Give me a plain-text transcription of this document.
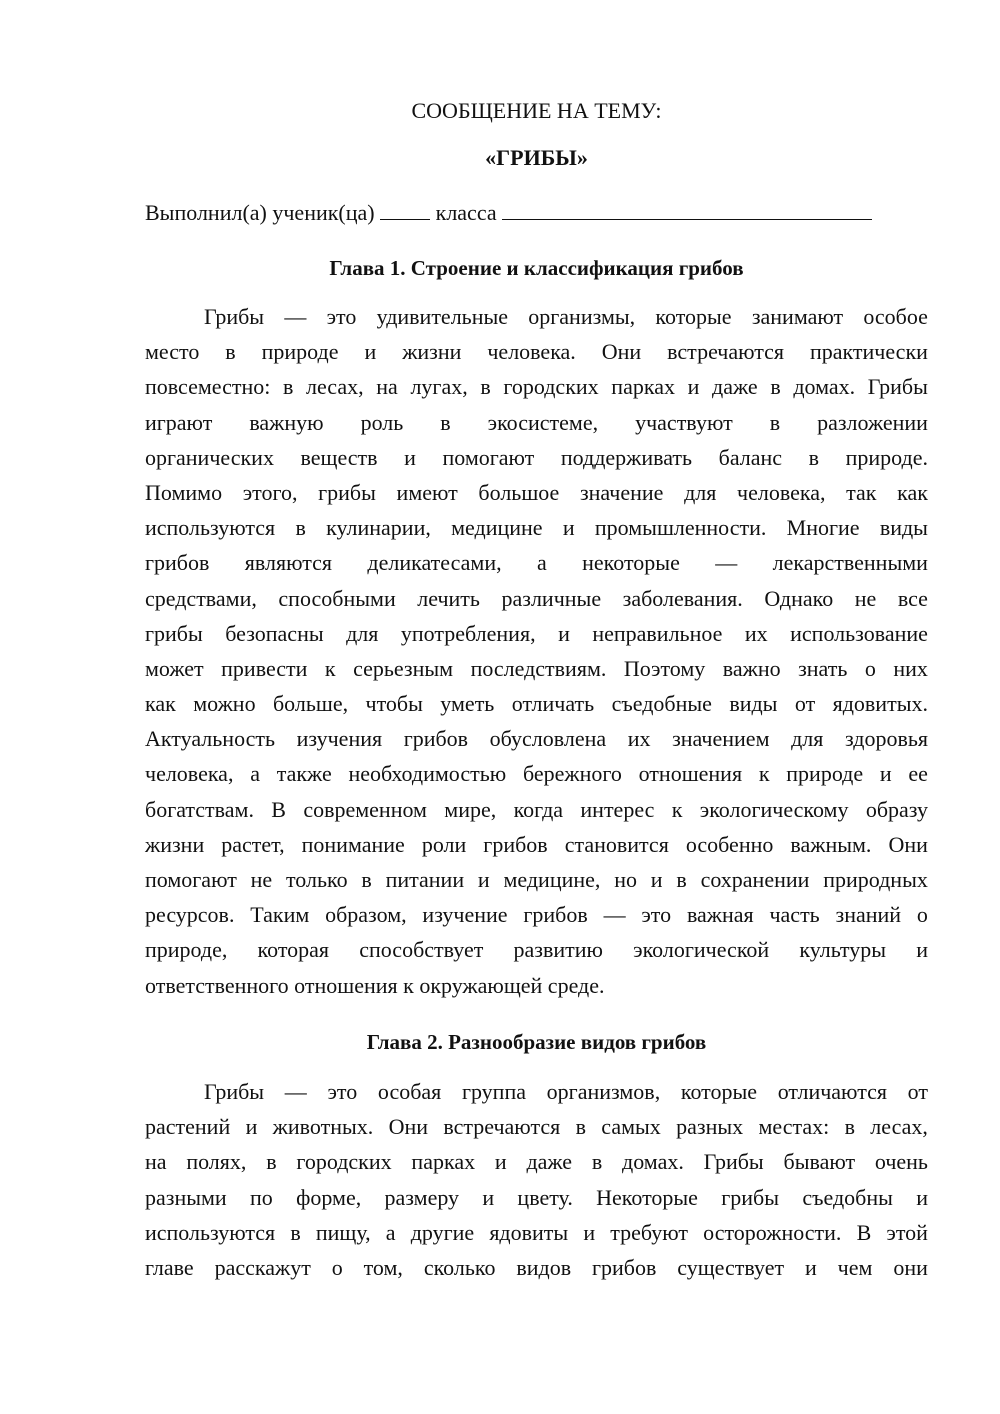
СООБЩЕНИЕ НА ТЕМУ:
«ГРИБЫ»
Выполнил(а) ученик(ца)	класса
Глава 1. Строение и классификация грибов
Грибы — это удивительные организмы, которые занимают особое
место в природе и жизни человека. Они встречаются практически
повсеместно: в лесах, на лугах, в городских парках и даже в домах. Грибы
играют важную роль в экосистеме, участвуют в разложении
органических веществ и помогают поддерживать баланс в природе.
Помимо этого, грибы имеют большое значение для человека, так как
используются в кулинарии, медицине и промышленности. Многие виды
грибов являются деликатесами, а некоторые — лекарственными
средствами, способными лечить различные заболевания. Однако не все
грибы безопасны для употребления, и неправильное их использование
может привести к серьезным последствиям. Поэтому важно знать о них
как можно больше, чтобы уметь отличать съедобные виды от ядовитых.
Актуальность изучения грибов обусловлена их значением для здоровья
человека, а также необходимостью бережного отношения к природе и ее
богатствам. В современном мире, когда интерес к экологическому образу
жизни растет, понимание роли грибов становится особенно важным. Они
помогают не только в питании и медицине, но и в сохранении природных
ресурсов. Таким образом, изучение грибов — это важная часть знаний о
природе, которая способствует развитию экологической культуры и
ответственного отношения к окружающей среде.
Глава 2. Разнообразие видов грибов
Грибы — это особая группа организмов, которые отличаются от
растений и животных. Они встречаются в самых разных местах: в лесах,
на полях, в городских парках и даже в домах. Грибы бывают очень
разными по форме, размеру и цвету. Некоторые грибы съедобны и
используются в пищу, а другие ядовиты и требуют осторожности. В этой
главе расскажут о том, сколько видов грибов существует и чем они
